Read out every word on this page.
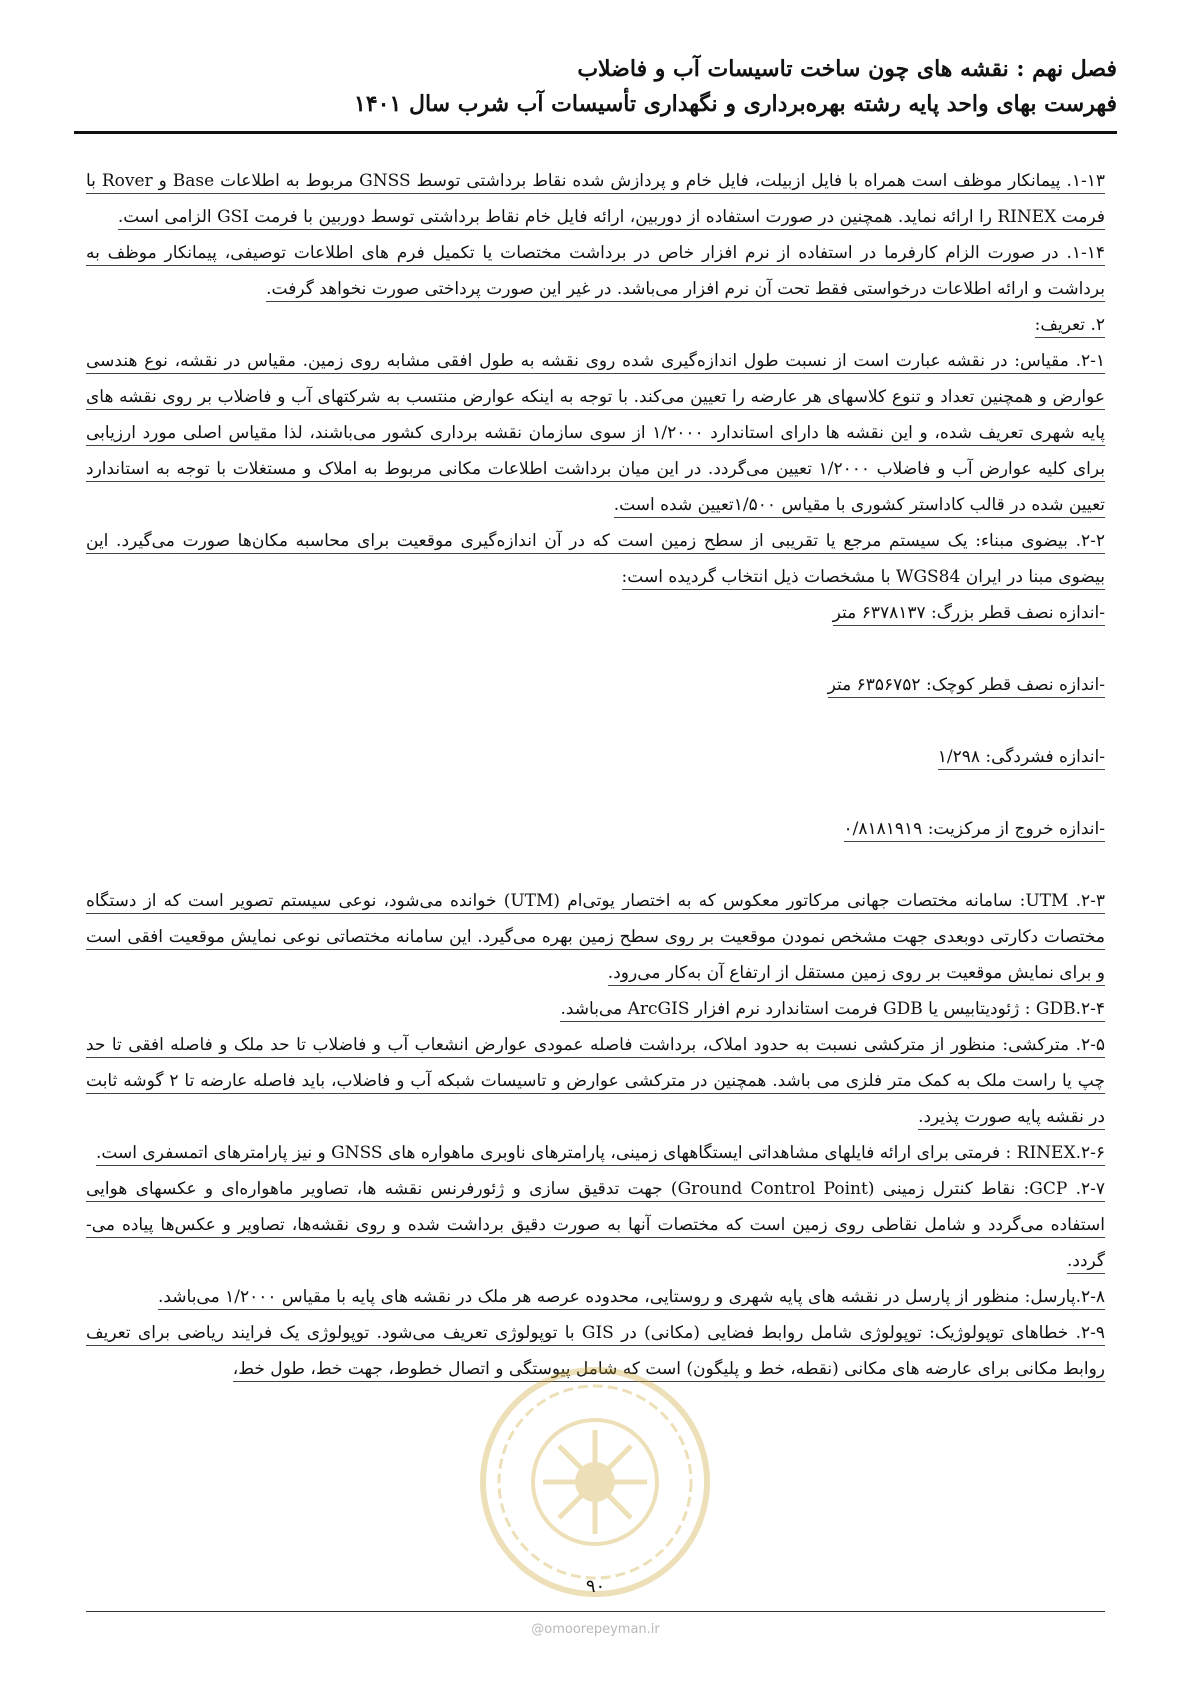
فصل نهم : نقشه های چون ساخت تاسیسات آب و فاضلاب
فهرست بهای واحد پایه رشته بهره‌برداری و نگهداری تأسیسات آب شرب سال ۱۴۰۱

۱-۱۳. پیمانکار موظف است همراه با فایل ازبیلت، فایل خام و پردازش شده نقاط برداشتی توسط GNSS مربوط به اطلاعات Base و Rover با فرمت RINEX را ارائه نماید. همچنین در صورت استفاده از دوربین، ارائه فایل خام نقاط برداشتی توسط دوربین با فرمت GSI الزامی است.

۱-۱۴. در صورت الزام کارفرما در استفاده از نرم افزار خاص در برداشت مختصات یا تکمیل فرم های اطلاعات توصیفی، پیمانکار موظف به برداشت و ارائه اطلاعات درخواستی فقط تحت آن نرم افزار می‌باشد. در غیر این صورت پرداختی صورت نخواهد گرفت.

۲. تعریف:

۲-۱. مقیاس: در نقشه عبارت است از نسبت طول اندازه‌گیری شده روی نقشه به طول افقی مشابه روی زمین. مقیاس در نقشه، نوع هندسی عوارض و همچنین تعداد و تنوع کلاسهای هر عارضه را تعیین می‌کند. با توجه به اینکه عوارض منتسب به شرکتهای آب و فاضلاب بر روی نقشه های پایه شهری تعریف شده، و این نقشه ها دارای استاندارد ۱/۲۰۰۰ از سوی سازمان نقشه برداری کشور می‌باشند، لذا مقیاس اصلی مورد ارزیابی برای کلیه عوارض آب و فاضلاب ۱/۲۰۰۰ تعیین می‌گردد. در این میان برداشت اطلاعات مکانی مربوط به املاک و مستغلات با توجه به استاندارد تعیین شده در قالب کاداستر کشوری با مقیاس ۱/۵۰۰تعیین شده است.

۲-۲. بیضوی مبناء: یک سیستم مرجع یا تقریبی از سطح زمین است که در آن اندازه‌گیری موقعیت برای محاسبه مکان‌ها صورت می‌گیرد. این بیضوی مبنا در ایران WGS84 با مشخصات ذیل انتخاب گردیده است:

-اندازه نصف قطر بزرگ: ۶۳۷۸۱۳۷ متر

-اندازه نصف قطر کوچک: ۶۳۵۶۷۵۲ متر

-اندازه فشردگی: ۱/۲۹۸

-اندازه خروج از مرکزیت: ۰/۸۱۸۱۹۱۹

۲-۳. UTM: سامانه مختصات جهانی مرکاتور معکوس که به اختصار یوتی‌ام (UTM) خوانده می‌شود، نوعی سیستم تصویر است که از دستگاه مختصات دکارتی دوبعدی جهت مشخص نمودن موقعیت بر روی سطح زمین بهره می‌گیرد. این سامانه مختصاتی نوعی نمایش موقعیت افقی است و برای نمایش موقعیت بر روی زمین مستقل از ارتفاع آن به‌کار می‌رود.

۲-۴.GDB : ژئودیتابیس یا GDB فرمت استاندارد نرم افزار ArcGIS می‌باشد.

۲-۵. مترکشی: منظور از مترکشی نسبت به حدود املاک، برداشت فاصله عمودی عوارض انشعاب آب و فاضلاب تا حد ملک و فاصله افقی تا حد چپ یا راست ملک به کمک متر فلزی می باشد. همچنین در مترکشی عوارض و تاسیسات شبکه آب و فاضلاب، باید فاصله عارضه تا ۲ گوشه ثابت در نقشه پایه صورت پذیرد.

۲-۶.RINEX : فرمتی برای ارائه فایلهای مشاهداتی ایستگاههای زمینی، پارامترهای ناوبری ماهواره های GNSS و نیز پارامترهای اتمسفری است.

۲-۷. GCP: نقاط کنترل زمینی (Ground Control Point) جهت تدقیق سازی و ژئورفرنس نقشه ها، تصاویر ماهواره‌ای و عکسهای هوایی استفاده می‌گردد و شامل نقاطی روی زمین است که مختصات آنها به صورت دقیق برداشت شده و روی نقشه‌ها، تصاویر و عکس‌ها پیاده می- گردد.

۲-۸.پارسل: منظور از پارسل در نقشه های پایه شهری و روستایی، محدوده عرصه هر ملک در نقشه های پایه با مقیاس ۱/۲۰۰۰ می‌باشد.

۲-۹. خطاهای توپولوژیک: توپولوژی شامل روابط فضایی (مکانی) در GIS با توپولوژی تعریف می‌شود. توپولوژی یک فرایند ریاضی برای تعریف روابط مکانی برای عارضه های مکانی (نقطه، خط و پلیگون) است که شامل پیوستگی و اتصال خطوط، جهت خط، طول خط،

۹۰
@omoorepeyman.ir
